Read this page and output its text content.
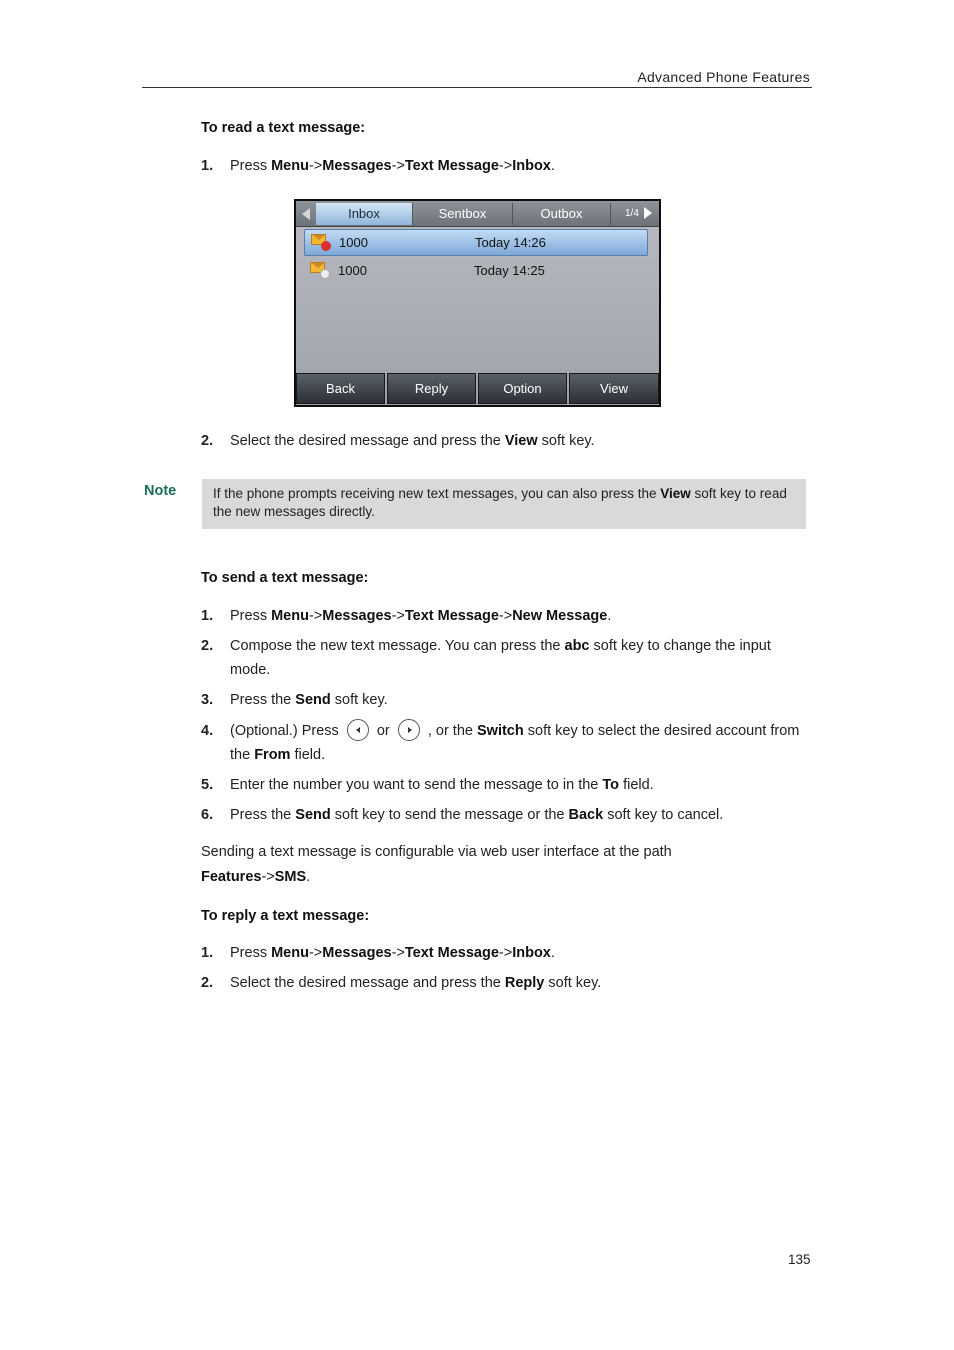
Advanced Phone Features
To read a text message:
1. Press Menu->Messages->Text Message->Inbox.
Inbox	Sentbox	Outbox	1/4
1000	Today 14:26
1000	Today 14:25
Back	Reply	Option	View
2. Select the desired message and press the View soft key.
Note	If the phone prompts receiving new text messages, you can also press the View soft key to read the new messages directly.
To send a text message:
1. Press Menu->Messages->Text Message->New Message.
2. Compose the new text message. You can press the abc soft key to change the input mode.
3. Press the Send soft key.
4. (Optional.) Press  or	, or the Switch soft key to select the desired account from the From field.
5. Enter the number you want to send the message to in the To field.
6. Press the Send soft key to send the message or the Back soft key to cancel.
Sending a text message is configurable via web user interface at the path
Features->SMS.
To reply a text message:
1. Press Menu->Messages->Text Message->Inbox.
2. Select the desired message and press the Reply soft key.
135
